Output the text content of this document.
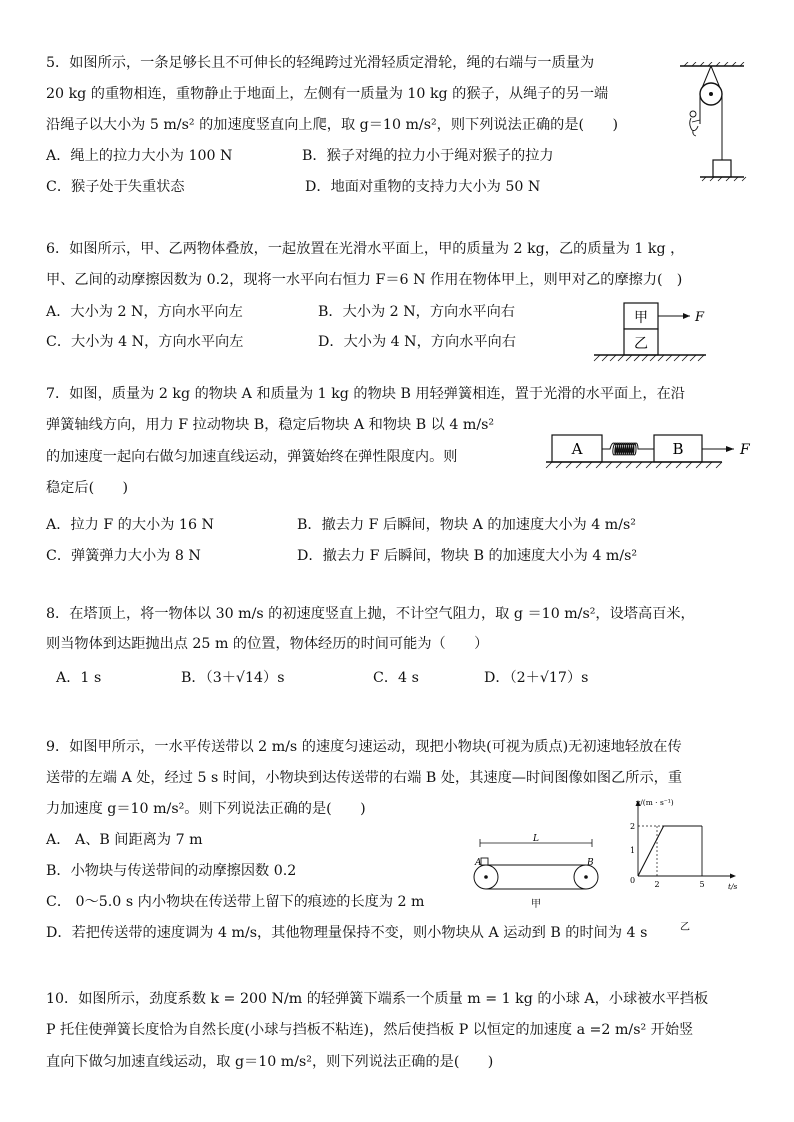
5．如图所示，一条足够长且不可伸长的轻绳跨过光滑轻质定滑轮，绳的右端与一质量为
20 kg 的重物相连，重物静止于地面上，左侧有一质量为 10 kg 的猴子，从绳子的另一端
沿绳子以大小为 5 m/s² 的加速度竖直向上爬，取 g＝10 m/s²，则下列说法正确的是(　　)
A．绳上的拉力大小为 100 N	B．猴子对绳的拉力小于绳对猴子的拉力
C．猴子处于失重状态	D．地面对重物的支持力大小为 50 N
6．如图所示，甲、乙两物体叠放，一起放置在光滑水平面上，甲的质量为 2 kg，乙的质量为 1 kg ，
甲、乙间的动摩擦因数为 0.2，现将一水平向右恒力 F＝6 N 作用在物体甲上，则甲对乙的摩擦力(　)
A．大小为 2 N，方向水平向左	B．大小为 2 N，方向水平向右
C．大小为 4 N，方向水平向左	D．大小为 4 N，方向水平向右
甲
乙
F
7．如图，质量为 2 kg 的物块 A 和质量为 1 kg 的物块 B 用轻弹簧相连，置于光滑的水平面上，在沿
弹簧轴线方向，用力 F 拉动物块 B，稳定后物块 A 和物块 B 以 4 m/s²
的加速度一起向右做匀加速直线运动，弹簧始终在弹性限度内。则
稳定后(　　)
A．拉力 F 的大小为 16 N	B．撤去力 F 后瞬间，物块 A 的加速度大小为 4 m/s²
C．弹簧弹力大小为 8 N	D．撤去力 F 后瞬间，物块 B 的加速度大小为 4 m/s²
A	B	F
8．在塔顶上，将一物体以 30 m/s 的初速度竖直上抛，不计空气阻力，取 g ＝10 m/s²，设塔高百米，
则当物体到达距抛出点 25 m 的位置，物体经历的时间可能为（　　）
A．1 s	B．（3＋√14）s	C．4 s	D．（2＋√17）s
9．如图甲所示，一水平传送带以 2 m/s 的速度匀速运动，现把小物块(可视为质点)无初速地轻放在传
送带的左端 A 处，经过 5 s 时间，小物块到达传送带的右端 B 处，其速度—时间图像如图乙所示，重
力加速度 g＝10 m/s²。则下列说法正确的是(　　)
A． A、B 间距离为 7 m
B．小物块与传送带间的动摩擦因数 0.2
C． 0～5.0 s 内小物块在传送带上留下的痕迹的长度为 2 m
D．若把传送带的速度调为 4 m/s，其他物理量保持不变，则小物块从 A 运动到 B 的时间为 4 s
L
A	B
甲
v/(m · s⁻¹)
t/s
2
1
0 2	5
乙
10．如图所示，劲度系数 k = 200 N/m 的轻弹簧下端系一个质量 m = 1 kg 的小球 A，小球被水平挡板
P 托住使弹簧长度恰为自然长度(小球与挡板不粘连)，然后使挡板 P 以恒定的加速度 a =2 m/s² 开始竖
直向下做匀加速直线运动，取 g＝10 m/s²，则下列说法正确的是(　　)
